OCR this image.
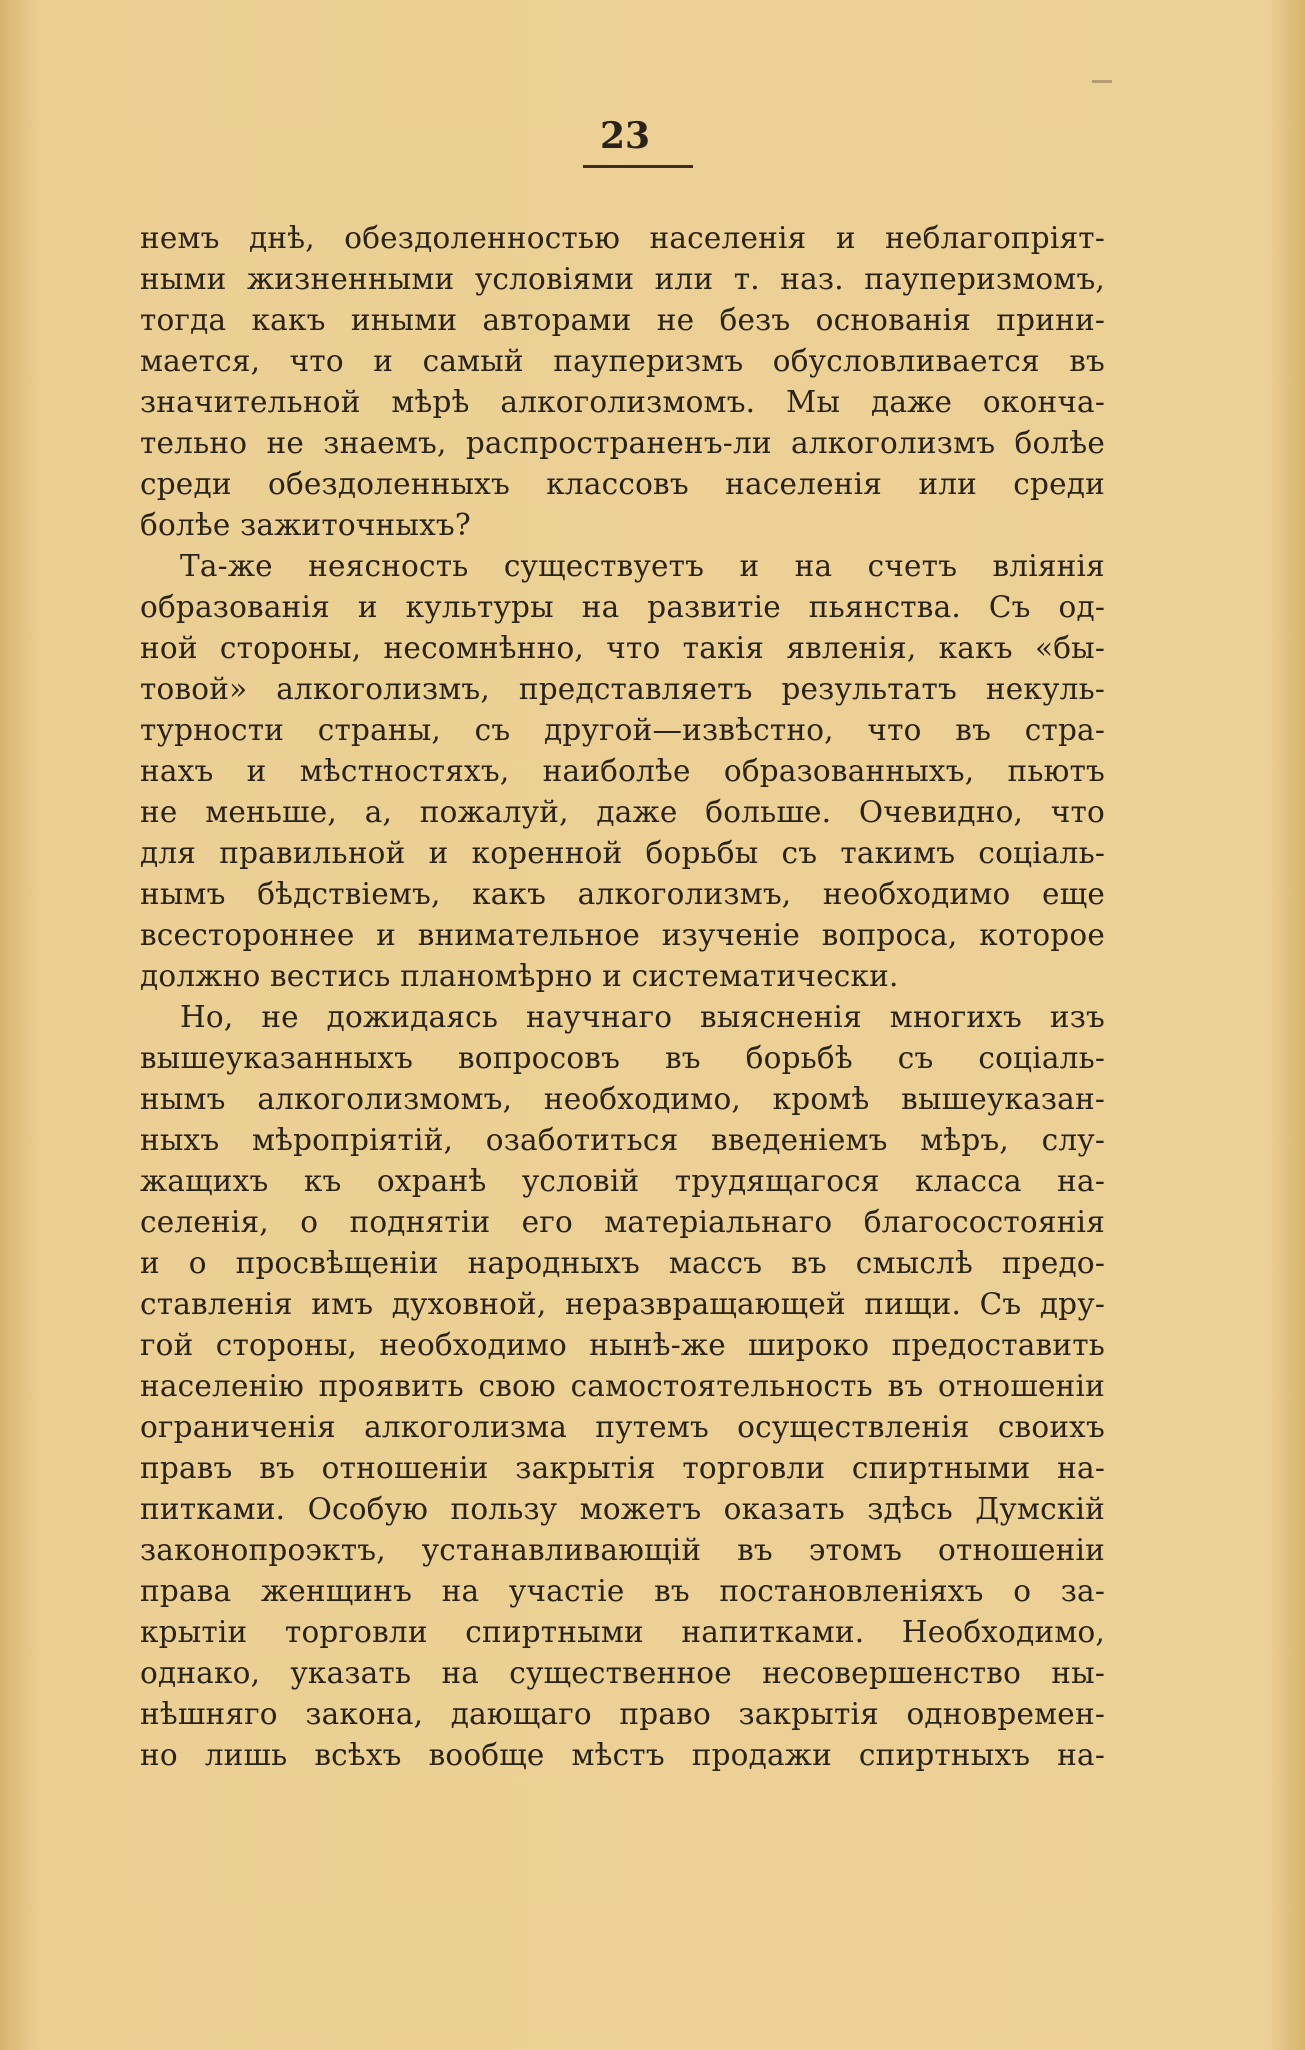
23
немъ днѣ, обездоленностью населенія и неблагопріят-
ными жизненными условіями или т. наз. пауперизмомъ,
тогда какъ иными авторами не безъ основанія прини-
мается, что и самый пауперизмъ обусловливается въ
значительной мѣрѣ алкоголизмомъ. Мы даже оконча-
тельно не знаемъ, распространенъ-ли алкоголизмъ болѣе
среди обездоленныхъ классовъ населенія или среди
болѣе зажиточныхъ?
Та-же неясность существуетъ и на счетъ вліянія
образованія и культуры на развитіе пьянства. Съ од-
ной стороны, несомнѣнно, что такія явленія, какъ «бы-
товой» алкоголизмъ, представляетъ результатъ некуль-
турности страны, съ другой—извѣстно, что въ стра-
нахъ и мѣстностяхъ, наиболѣе образованныхъ, пьютъ
не меньше, а, пожалуй, даже больше. Очевидно, что
для правильной и коренной борьбы съ такимъ соціаль-
нымъ бѣдствіемъ, какъ алкоголизмъ, необходимо еще
всестороннее и внимательное изученіе вопроса, которое
должно вестись планомѣрно и систематически.
Но, не дожидаясь научнаго выясненія многихъ изъ
вышеуказанныхъ вопросовъ въ борьбѣ съ соціаль-
нымъ алкоголизмомъ, необходимо, кромѣ вышеуказан-
ныхъ мѣропріятій, озаботиться введеніемъ мѣръ, слу-
жащихъ къ охранѣ условій трудящагося класса на-
селенія, о поднятіи его матеріальнаго благосостоянія
и о просвѣщеніи народныхъ массъ въ смыслѣ предо-
ставленія имъ духовной, неразвращающей пищи. Съ дру-
гой стороны, необходимо нынѣ-же широко предоставить
населенію проявить свою самостоятельность въ отношеніи
ограниченія алкоголизма путемъ осуществленія своихъ
правъ въ отношеніи закрытія торговли спиртными на-
питками. Особую пользу можетъ оказать здѣсь Думскій
законопроэктъ, устанавливающій въ этомъ отношеніи
права женщинъ на участіе въ постановленіяхъ о за-
крытіи торговли спиртными напитками. Необходимо,
однако, указать на существенное несовершенство ны-
нѣшняго закона, дающаго право закрытія одновремен-
но лишь всѣхъ вообще мѣстъ продажи спиртныхъ на-
